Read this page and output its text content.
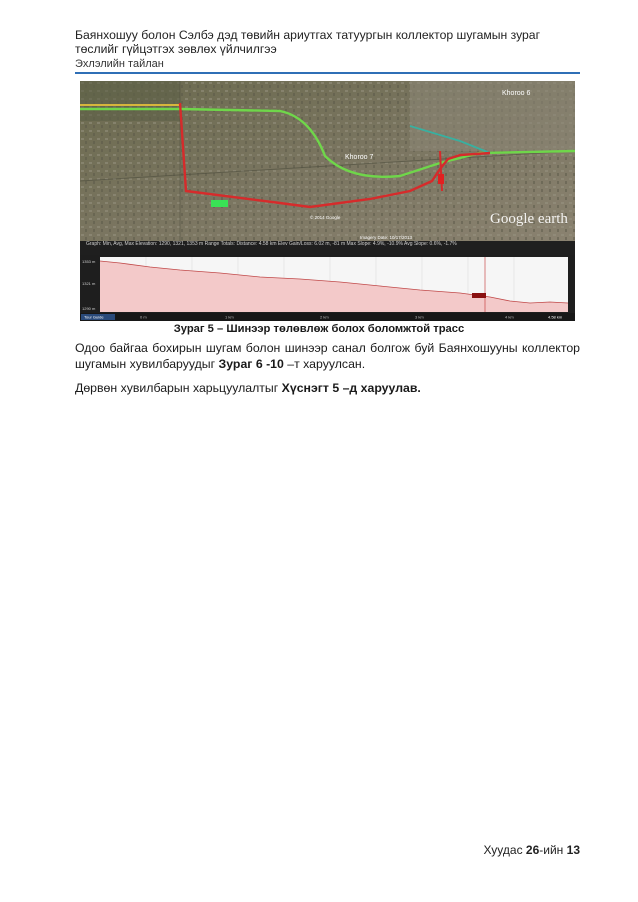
Баянхошуу болон Сэлбэ дэд төвийн ариутгах татуургын коллектор шугамын зураг төслийг гүйцэтгэх зөвлөх үйлчилгээ
Эхлэлийн тайлан
Khoroo 6
Khoroo 7
Google earth
© 2014 Google
Imagery Date: 10/17/2013
Graph: Min, Avg, Max Elevation: 1290, 1321, 1353 m Range Totals: Distance: 4.58 km Elev Gain/Loss: 6.02 m, -81 m Max Slope: 4.9%, -10.9% Avg Slope: 0.6%, -1.7%
1353 m
1321 m
1290 m
Tour Guide	0 m	1 km	2 km	3 km	4 km	4.58 km
Зураг 5 – Шинээр төлөвлөж болох боломжтой трасс
Одоо байгаа бохирын шугам болон шинээр санал болгож буй Баянхошууны коллектор шугамын хувилбаруудыг Зураг 6 -10 –т харуулсан.
Дөрвөн хувилбарын харьцуулалтыг Хүснэгт 5 –д харуулав.
Хуудас 26-ийн 13
